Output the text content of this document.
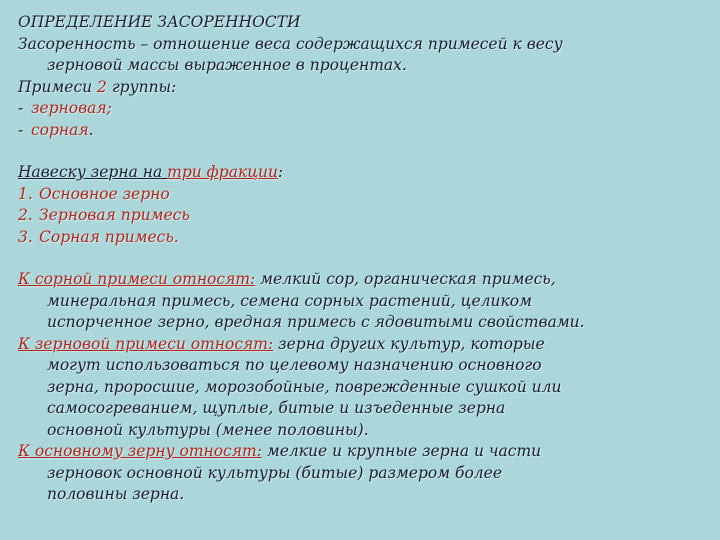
ОПРЕДЕЛЕНИЕ ЗАСОРЕННОСТИ
Засоренность – отношение веса содержащихся примесей к весу
зерновой массы выраженное в процентах.
Примеси 2 группы:
- зерновая;
- сорная.
Навеску зерна на три фракции:
1. Основное зерно
2. Зерновая примесь
3. Сорная примесь.
К сорной примеси относят: мелкий сор, органическая примесь,
минеральная примесь, семена сорных растений, целиком
испорченное зерно, вредная примесь с ядовитыми свойствами.
К зерновой примеси относят: зерна других культур, которые
могут использоваться по целевому назначению основного
зерна, проросшие, морозобойные, поврежденные сушкой или
самосогреванием, щуплые, битые и изъеденные зерна
основной культуры (менее половины).
К основному зерну относят: мелкие и крупные зерна и части
зерновок основной культуры (битые) размером более
половины зерна.
